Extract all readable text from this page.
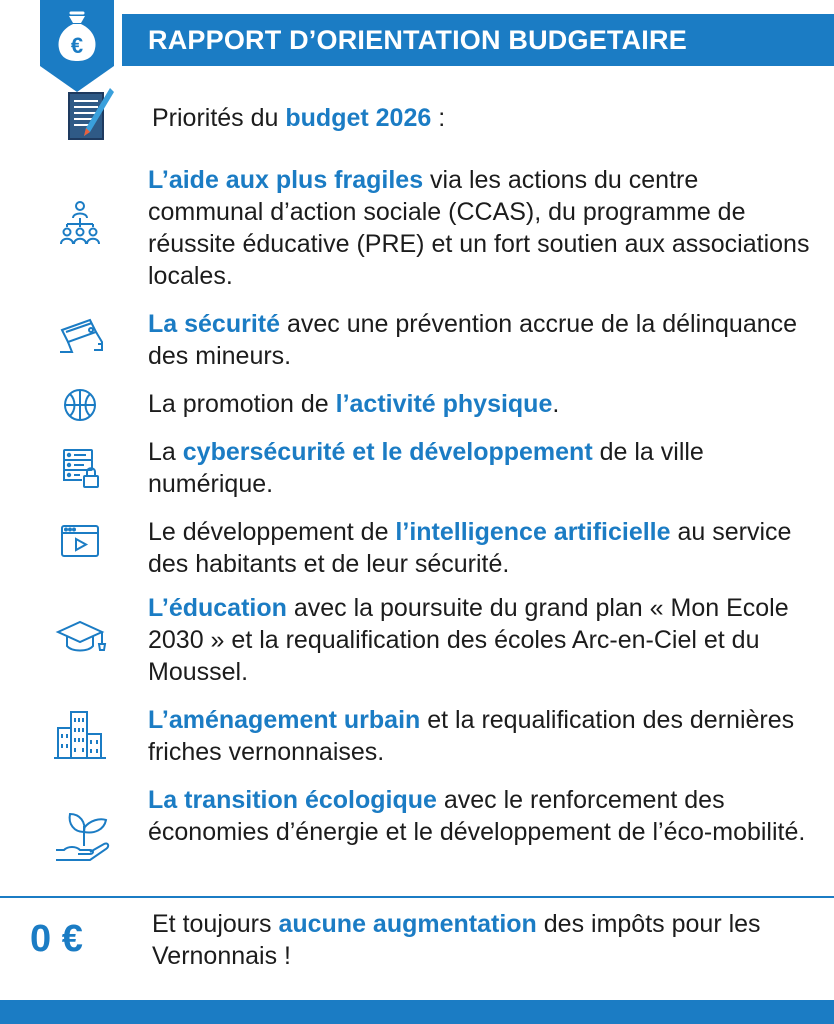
RAPPORT D’ORIENTATION BUDGETAIRE
€
Priorités du budget 2026 :
L’aide aux plus fragiles via les actions du centre communal d’action sociale (CCAS), du programme de réussite éducative (PRE) et un fort soutien aux associations locales.
La sécurité avec une prévention accrue de la délinquance des mineurs.
La promotion de l’activité physique.
La cybersécurité et le développement de la ville numérique.
Le développement de l’intelligence artificielle au service des habitants et de leur sécurité.
L’éducation avec la poursuite du grand plan « Mon Ecole 2030 » et la requalification des écoles Arc-en-Ciel et du Moussel.
L’aménagement urbain et la requalification des dernières friches vernonnaises.
La transition écologique avec le renforcement des économies d’énergie et le développement de l’éco-mobilité.
0 €	Et toujours aucune augmentation des impôts pour les Vernonnais !
